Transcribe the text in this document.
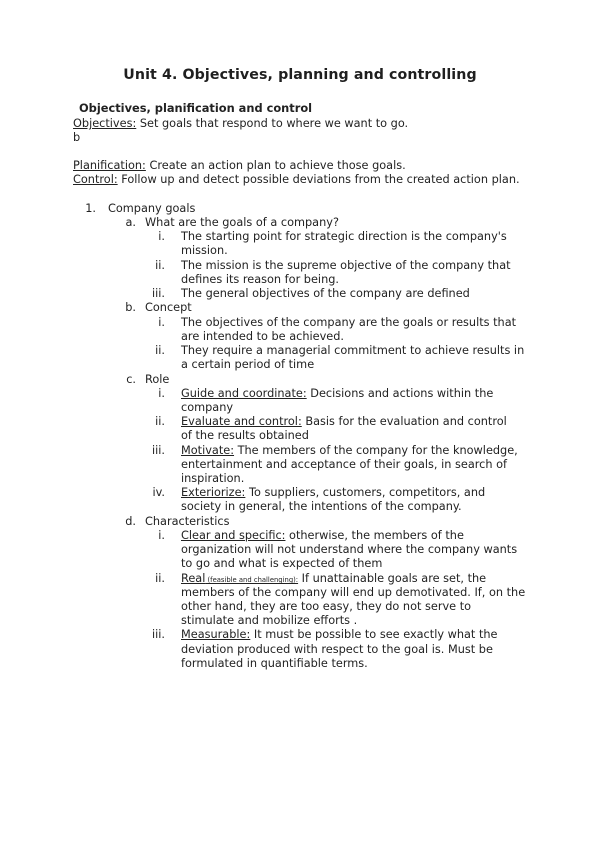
Unit 4. Objectives, planning and controlling
Objectives, planification and control
Objectives: Set goals that respond to where we want to go.
b
Planification: Create an action plan to achieve those goals.
Control: Follow up and detect possible deviations from the created action plan.
1. Company goals
a. What are the goals of a company?
i. The starting point for strategic direction is the company's
mission.
ii. The mission is the supreme objective of the company that
defines its reason for being.
iii. The general objectives of the company are defined
b. Concept
i. The objectives of the company are the goals or results that
are intended to be achieved.
ii. They require a managerial commitment to achieve results in
a certain period of time
c. Role
i. Guide and coordinate: Decisions and actions within the
company
ii. Evaluate and control: Basis for the evaluation and control
of the results obtained
iii. Motivate: The members of the company for the knowledge,
entertainment and acceptance of their goals, in search of
inspiration.
iv. Exteriorize: To suppliers, customers, competitors, and
society in general, the intentions of the company.
d. Characteristics
i. Clear and specific: otherwise, the members of the
organization will not understand where the company wants
to go and what is expected of them
ii. Real (feasible and challenging): If unattainable goals are set, the
members of the company will end up demotivated. If, on the
other hand, they are too easy, they do not serve to
stimulate and mobilize efforts .
iii. Measurable: It must be possible to see exactly what the
deviation produced with respect to the goal is. Must be
formulated in quantifiable terms.
